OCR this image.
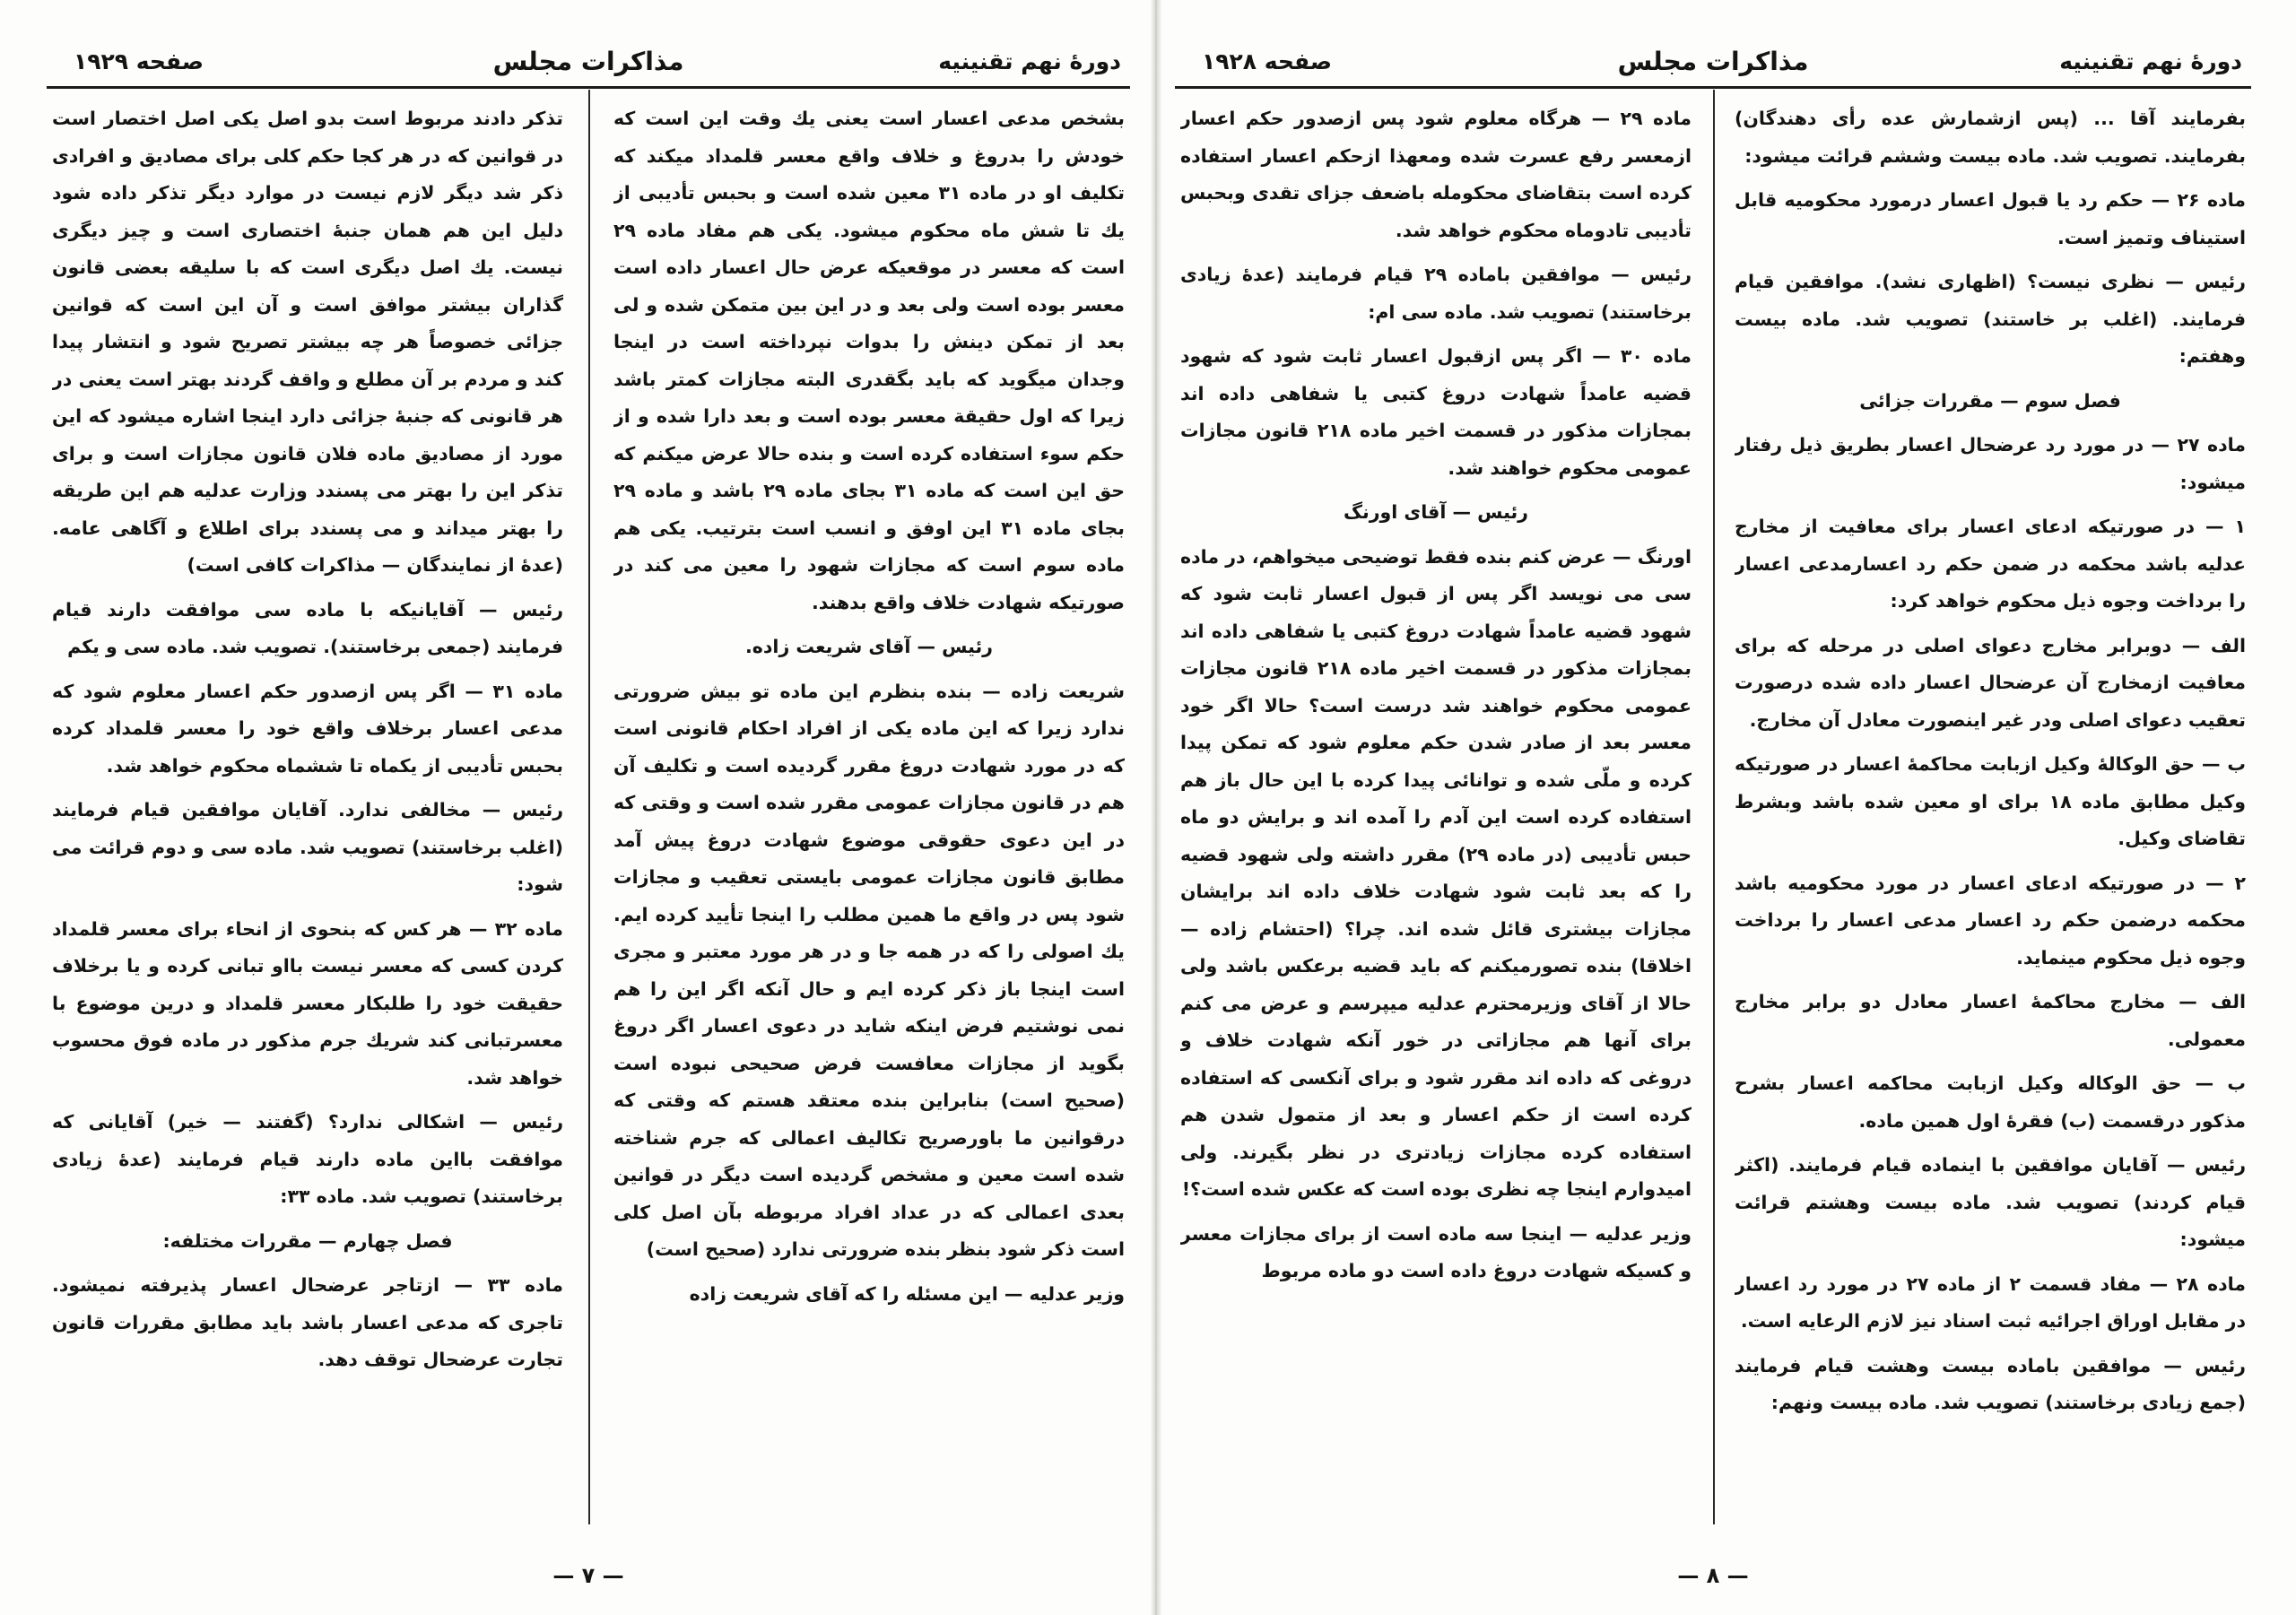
دورهٔ نهم تقنینیه
مذاکرات مجلس
صفحه ۱۹۲۹

بشخص مدعی اعسار است یعنی یك وقت این است که خودش را بدروغ و خلاف واقع معسر قلمداد میکند که تکلیف او در ماده ۳۱ معین شده است و بحبس تأدیبی از یك تا شش ماه محکوم میشود. یکی هم مفاد ماده ۲۹ است که معسر در موقعیکه عرض حال اعسار داده است معسر بوده است ولی بعد و در این بین متمکن شده و لی بعد از تمکن دینش را بدوات نپرداخته است در اینجا وجدان میگوید که باید بگقدری البته مجازات کمتر باشد زیرا که اول حقیقة معسر بوده است و بعد دارا شده و از حکم سوء استفاده کرده است و بنده حالا عرض میکنم که حق این است که ماده ۳۱ بجای ماده ۲۹ باشد و ماده ۲۹ بجای ماده ۳۱ این اوفق و انسب است بترتیب. یکی هم ماده سوم است که مجازات شهود را معین می کند در صورتیکه شهادت خلاف واقع بدهند.

رئیس — آقای شریعت زاده.

شریعت زاده — بنده بنظرم این ماده تو بیش ضرورتی ندارد زیرا که این ماده یکی از افراد احکام قانونی است که در مورد شهادت دروغ مقرر گردیده است و تکلیف آن هم در قانون مجازات عمومی مقرر شده است و وقتی که در این دعوی حقوقی موضوع شهادت دروغ پیش آمد مطابق قانون مجازات عمومی بایستی تعقیب و مجازات شود پس در واقع ما همین مطلب را اینجا تأیید کرده ایم. یك اصولی را که در همه جا و در هر مورد معتبر و مجری است اینجا باز ذکر کرده ایم و حال آنکه اگر این را هم نمی نوشتیم فرض اینکه شاید در دعوی اعسار اگر دروغ بگوید از مجازات معافست فرض صحیحی نبوده است (صحیح است) بنابراین بنده معتقد هستم که وقتی که درقوانین ما باورصریح تکالیف اعمالی که جرم شناخته شده است معین و مشخص گردیده است دیگر در قوانین بعدی اعمالی که در عداد افراد مربوطه بآن اصل کلی است ذکر شود بنظر بنده ضرورتی ندارد (صحیح است)

وزیر عدلیه — این مسئله را که آقای شریعت زاده

تذکر دادند مربوط است بدو اصل یکی اصل اختصار است در قوانین که در هر کجا حکم کلی برای مصادیق و افرادی ذکر شد دیگر لازم نیست در موارد دیگر تذکر داده شود دلیل این هم همان جنبهٔ اختصاری است و چیز دیگری نیست. یك اصل دیگری است که با سلیقه بعضی قانون گذاران بیشتر موافق است و آن این است که قوانین جزائی خصوصاً هر چه بیشتر تصریح شود و انتشار پیدا کند و مردم بر آن مطلع و واقف گردند بهتر است یعنی در هر قانونی که جنبهٔ جزائی دارد اینجا اشاره میشود که این مورد از مصادیق ماده فلان قانون مجازات است و برای تذکر این را بهتر می پسندد وزارت عدلیه هم این طریقه را بهتر میداند و می پسندد برای اطلاع و آگاهی عامه. (عدهٔ از نمایندگان — مذاکرات کافی است)

رئیس — آقایانیکه با ماده سی موافقت دارند قیام فرمایند (جمعی برخاستند). تصویب شد. ماده سی و یکم

ماده ۳۱ — اگر پس ازصدور حکم اعسار معلوم شود که مدعی اعسار برخلاف واقع خود را معسر قلمداد کرده بحبس تأدیبی از یکماه تا ششماه محکوم خواهد شد.

رئیس — مخالفی ندارد. آقایان موافقین قیام فرمایند (اغلب برخاستند) تصویب شد. ماده سی و دوم قرائت می شود:

ماده ۳۲ — هر کس که بنحوی از انحاء برای معسر قلمداد کردن کسی که معسر نیست بااو تبانی کرده و یا برخلاف حقیقت خود را طلبکار معسر قلمداد و درین موضوع با معسرتبانی کند شریك جرم مذکور در ماده فوق محسوب خواهد شد.

رئیس — اشکالی ندارد؟ (گفتند — خیر) آقایانی که موافقت بااین ماده دارند قیام فرمایند (عدهٔ زیادی برخاستند) تصویب شد. ماده ۳۳:

فصل چهارم — مقررات مختلفه:

ماده ۳۳ — ازتاجر عرضحال اعسار پذیرفته نمیشود. تاجری که مدعی اعسار باشد باید مطابق مقررات قانون تجارت عرضحال توقف دهد.

— ۷ —
دورهٔ نهم تقنینیه
مذاکرات مجلس
صفحه ۱۹۲۸

بفرمایند آقا ... (پس ازشمارش عده رأی دهندگان) بفرمایند. تصویب شد. ماده بیست وششم قرائت میشود:

ماده ۲۶ — حکم رد یا قبول اعسار درمورد محکومیه قابل استیناف وتمیز است.

رئیس — نظری نیست؟ (اظهاری نشد). موافقین قیام فرمایند. (اغلب بر خاستند) تصویب شد. ماده بیست وهفتم:

فصل سوم — مقررات جزائی

ماده ۲۷ — در مورد رد عرضحال اعسار بطریق ذیل رفتار میشود:

۱ — در صورتیکه ادعای اعسار برای معافیت از مخارج عدلیه باشد محکمه در ضمن حکم رد اعسارمدعی اعسار را برداخت وجوه ذیل محکوم خواهد کرد:

الف — دوبرابر مخارج دعوای اصلی در مرحله که برای معافیت ازمخارج آن عرضحال اعسار داده شده درصورت تعقیب دعوای اصلی ودر غیر اینصورت معادل آن مخارج.

ب — حق الوکالهٔ وکیل ازبابت محاکمهٔ اعسار در صورتیکه وکیل مطابق ماده ۱۸ برای او معین شده باشد وبشرط تقاضای وکیل.

۲ — در صورتیکه ادعای اعسار در مورد محکومیه باشد محکمه درضمن حکم رد اعسار مدعی اعسار را برداخت وجوه ذیل محکوم مینماید.

الف — مخارج محاکمهٔ اعسار معادل دو برابر مخارج معمولی.

ب — حق الوکاله وکیل ازبابت محاکمه اعسار بشرح مذکور درقسمت (ب) فقرهٔ اول همین ماده.

رئیس — آقایان موافقین با اینماده قیام فرمایند. (اکثر قیام کردند) تصویب شد. ماده بیست وهشتم قرائت میشود:

ماده ۲۸ — مفاد قسمت ۲ از ماده ۲۷ در مورد رد اعسار در مقابل اوراق اجرائیه ثبت اسناد نیز لازم الرعایه است.

رئیس — موافقین باماده بیست وهشت قیام فرمایند (جمع زیادی برخاستند) تصویب شد. ماده بیست ونهم:

ماده ۲۹ — هرگاه معلوم شود پس ازصدور حکم اعسار ازمعسر رفع عسرت شده ومعهذا ازحکم اعسار استفاده کرده است بتقاضای محکومله باضعف جزای تقدی وبحبس تأدیبی تادوماه محکوم خواهد شد.

رئیس — موافقین باماده ۲۹ قیام فرمایند (عدهٔ زیادی برخاستند) تصویب شد. ماده سی ام:

ماده ۳۰ — اگر پس ازقبول اعسار ثابت شود که شهود قضیه عامداً شهادت دروغ کتبی یا شفاهی داده اند بمجازات مذکور در قسمت اخیر ماده ۲۱۸ قانون مجازات عمومی محکوم خواهند شد.

رئیس — آقای اورنگ

اورنگ — عرض کنم بنده فقط توضیحی میخواهم، در ماده سی می نویسد اگر پس از قبول اعسار ثابت شود که شهود قضیه عامداً شهادت دروغ کتبی یا شفاهی داده اند بمجازات مذکور در قسمت اخیر ماده ۲۱۸ قانون مجازات عمومی محکوم خواهند شد درست است؟ حالا اگر خود معسر بعد از صادر شدن حکم معلوم شود که تمکن پیدا کرده و ملّی شده و توانائی پیدا کرده با این حال باز هم استفاده کرده است این آدم را آمده اند و برایش دو ماه حبس تأدیبی (در ماده ۲۹) مقرر داشته ولی شهود قضیه را که بعد ثابت شود شهادت خلاف داده اند برایشان مجازات بیشتری قائل شده اند. چرا؟ (احتشام زاده — اخلاقا) بنده تصورمیکنم که باید قضیه برعکس باشد ولی حالا از آقای وزیرمحترم عدلیه میپرسم و عرض می کنم برای آنها هم مجازاتی در خور آنکه شهادت خلاف و دروغی که داده اند مقرر شود و برای آنکسی که استفاده کرده است از حکم اعسار و بعد از متمول شدن هم استفاده کرده مجازات زیادتری در نظر بگیرند. ولی امیدوارم اینجا چه نظری بوده است که عکس شده است؟!

وزیر عدلیه — اینجا سه ماده است از برای مجازات معسر و کسیکه شهادت دروغ داده است دو ماده مربوط

— ۸ —
